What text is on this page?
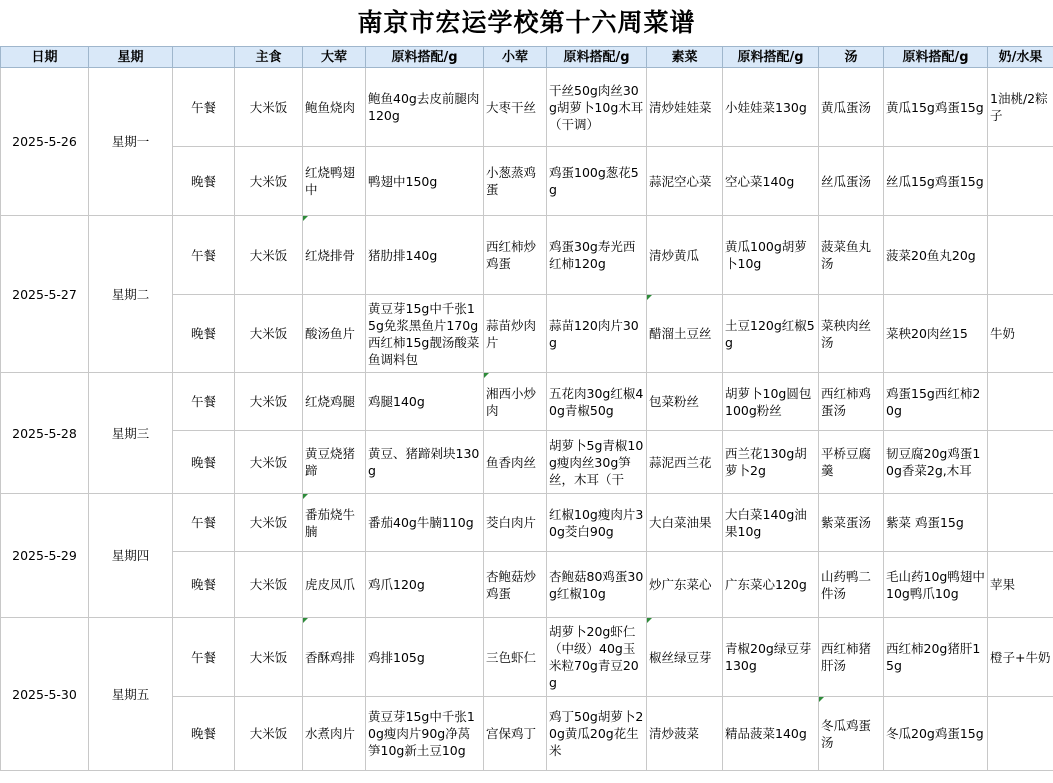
南京市宏运学校第十六周菜谱
日期	星期		主食	大荤	原料搭配/g	小荤	原料搭配/g	素菜	原料搭配/g	汤	原料搭配/g	奶/水果
2025-5-26	星期一	午餐	大米饭	鲍鱼烧肉	鲍鱼40g去皮前腿肉120g	大枣干丝	干丝50g肉丝30g胡萝卜10g木耳（干调）	清炒娃娃菜	小娃娃菜130g	黄瓜蛋汤	黄瓜15g鸡蛋15g	1油桃/2粽子
		晚餐	大米饭	红烧鸭翅中	鸭翅中150g	小葱蒸鸡蛋	鸡蛋100g葱花5g	蒜泥空心菜	空心菜140g	丝瓜蛋汤	丝瓜15g鸡蛋15g	
2025-5-27	星期二	午餐	大米饭	红烧排骨	猪肋排140g	西红柿炒鸡蛋	鸡蛋30g寿光西红柿120g	清炒黄瓜	黄瓜100g胡萝卜10g	菠菜鱼丸汤	菠菜20鱼丸20g	
		晚餐	大米饭	酸汤鱼片	黄豆芽15g中千张15g免浆黑鱼片170g西红柿15g靓汤酸菜鱼调料包	蒜苗炒肉片	蒜苗120肉片30g	醋溜土豆丝	土豆120g红椒5g	菜秧肉丝汤	菜秧20肉丝15	牛奶
2025-5-28	星期三	午餐	大米饭	红烧鸡腿	鸡腿140g	湘西小炒肉	五花肉30g红椒40g青椒50g	包菜粉丝	胡萝卜10g圆包100g粉丝	西红柿鸡蛋汤	鸡蛋15g西红柿20g	
		晚餐	大米饭	黄豆烧猪蹄	黄豆、猪蹄剁块130g	鱼香肉丝	胡萝卜5g青椒10g瘦肉丝30g笋丝，木耳（干	蒜泥西兰花	西兰花130g胡萝卜2g	平桥豆腐羹	韧豆腐20g鸡蛋10g香菜2g,木耳	
2025-5-29	星期四	午餐	大米饭	番茄烧牛腩	番茄40g牛腩110g	茭白肉片	红椒10g瘦肉片30g茭白90g	大白菜油果	大白菜140g油果10g	紫菜蛋汤	紫菜 鸡蛋15g	
		晚餐	大米饭	虎皮凤爪	鸡爪120g	杏鲍菇炒鸡蛋	杏鲍菇80鸡蛋30g红椒10g	炒广东菜心	广东菜心120g	山药鸭二件汤	毛山药10g鸭翅中10g鸭爪10g	苹果
2025-5-30	星期五	午餐	大米饭	香酥鸡排	鸡排105g	三色虾仁	胡萝卜20g虾仁（中级）40g玉米粒70g青豆20g	椒丝绿豆芽	青椒20g绿豆芽130g	西红柿猪肝汤	西红柿20g猪肝15g	橙子+牛奶
		晚餐	大米饭	水煮肉片	黄豆芽15g中千张10g瘦肉片90g净莴笋10g新土豆10g	宫保鸡丁	鸡丁50g胡萝卜20g黄瓜20g花生米	清炒菠菜	精品菠菜140g	冬瓜鸡蛋汤	冬瓜20g鸡蛋15g	
